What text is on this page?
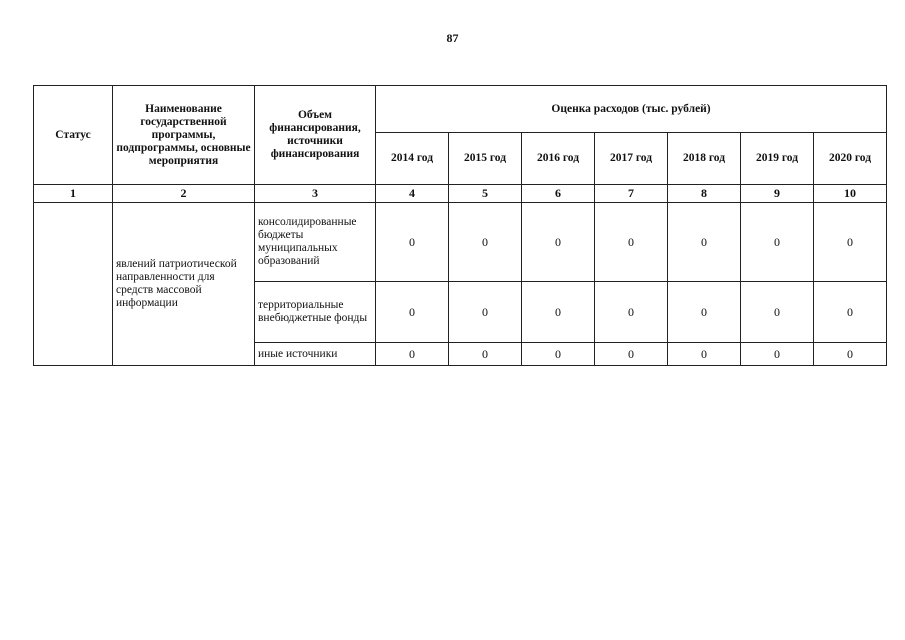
87
Статус	Наименование государственной программы, подпрограммы, основные мероприятия	Объем финансирования, источники финансирования	Оценка расходов (тыс. рублей)						
			2014 год	2015 год	2016 год	2017 год	2018 год	2019 год	2020 год
1	2	3	4	5	6	7	8	9	10
	явлений патриотической направленности для средств массовой информации	консолидированные бюджеты муниципальных образований	0	0	0	0	0	0	0
		территориальные внебюджетные фонды	0	0	0	0	0	0	0
		иные источники	0	0	0	0	0	0	0
